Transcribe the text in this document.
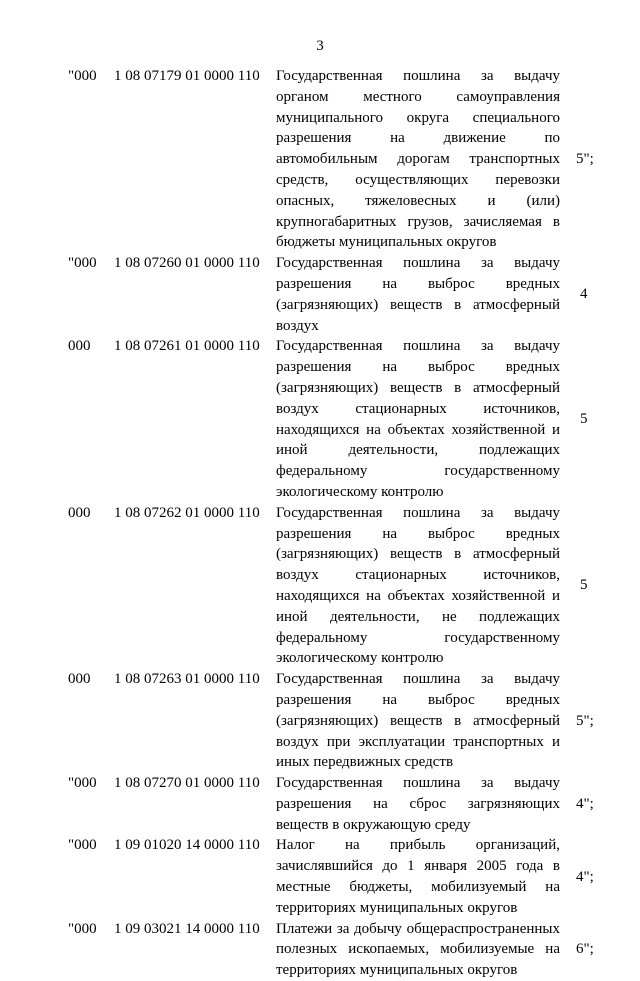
3
"000 1 08 07179 01 0000 110 Государственная пошлина за выдачу органом местного самоуправления муниципального округа специального разрешения на движение по автомобильным дорогам транспортных средств, осуществляющих перевозки опасных, тяжеловесных и (или) крупногабаритных грузов, зачисляемая в бюджеты муниципальных округов
5";
"000 1 08 07260 01 0000 110 Государственная пошлина за выдачу разрешения на выброс вредных (загрязняющих) веществ в атмосферный воздух
4
000 1 08 07261 01 0000 110 Государственная пошлина за выдачу разрешения на выброс вредных (загрязняющих) веществ в атмосферный воздух стационарных источников, находящихся на объектах хозяйственной и иной деятельности, подлежащих федеральному государственному экологическому контролю
5
000 1 08 07262 01 0000 110 Государственная пошлина за выдачу разрешения на выброс вредных (загрязняющих) веществ в атмосферный воздух стационарных источников, находящихся на объектах хозяйственной и иной деятельности, не подлежащих федеральному государственному экологическому контролю
5
000 1 08 07263 01 0000 110 Государственная пошлина за выдачу разрешения на выброс вредных (загрязняющих) веществ в атмосферный воздух при эксплуатации транспортных и иных передвижных средств
5";
"000 1 08 07270 01 0000 110 Государственная пошлина за выдачу разрешения на сброс загрязняющих веществ в окружающую среду
4";
"000 1 09 01020 14 0000 110 Налог на прибыль организаций, зачислявшийся до 1 января 2005 года в местные бюджеты, мобилизуемый на территориях муниципальных округов
4";
"000 1 09 03021 14 0000 110 Платежи за добычу общераспространенных полезных ископаемых, мобилизуемые на территориях муниципальных округов
6";
